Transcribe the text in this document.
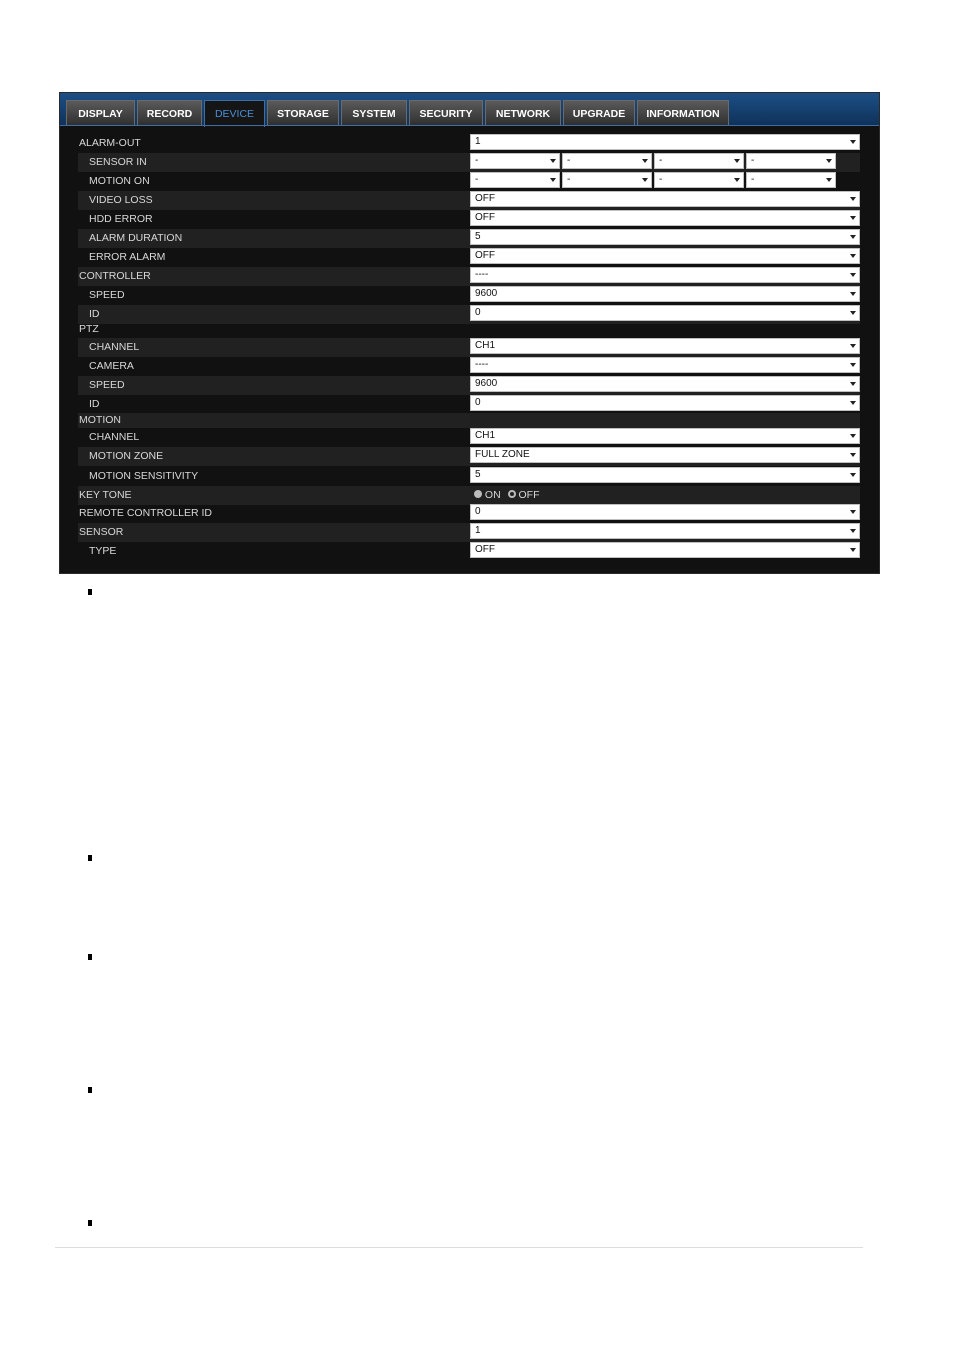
DISPLAY	RECORD	DEVICE	STORAGE	SYSTEM	SECURITY	NETWORK	UPGRADE	INFORMATION
ALARM-OUT	1
SENSOR IN	-	-	-	-
MOTION ON	-	-	-	-
VIDEO LOSS	OFF
HDD ERROR	OFF
ALARM DURATION	5
ERROR ALARM	OFF
CONTROLLER	----
SPEED	9600
ID	0
PTZ
CHANNEL	CH1
CAMERA	----
SPEED	9600
ID	0
MOTION
CHANNEL	CH1
MOTION ZONE	FULL ZONE
MOTION SENSITIVITY	5
KEY TONE	ON OFF
REMOTE CONTROLLER ID	0
SENSOR	1
TYPE	OFF
